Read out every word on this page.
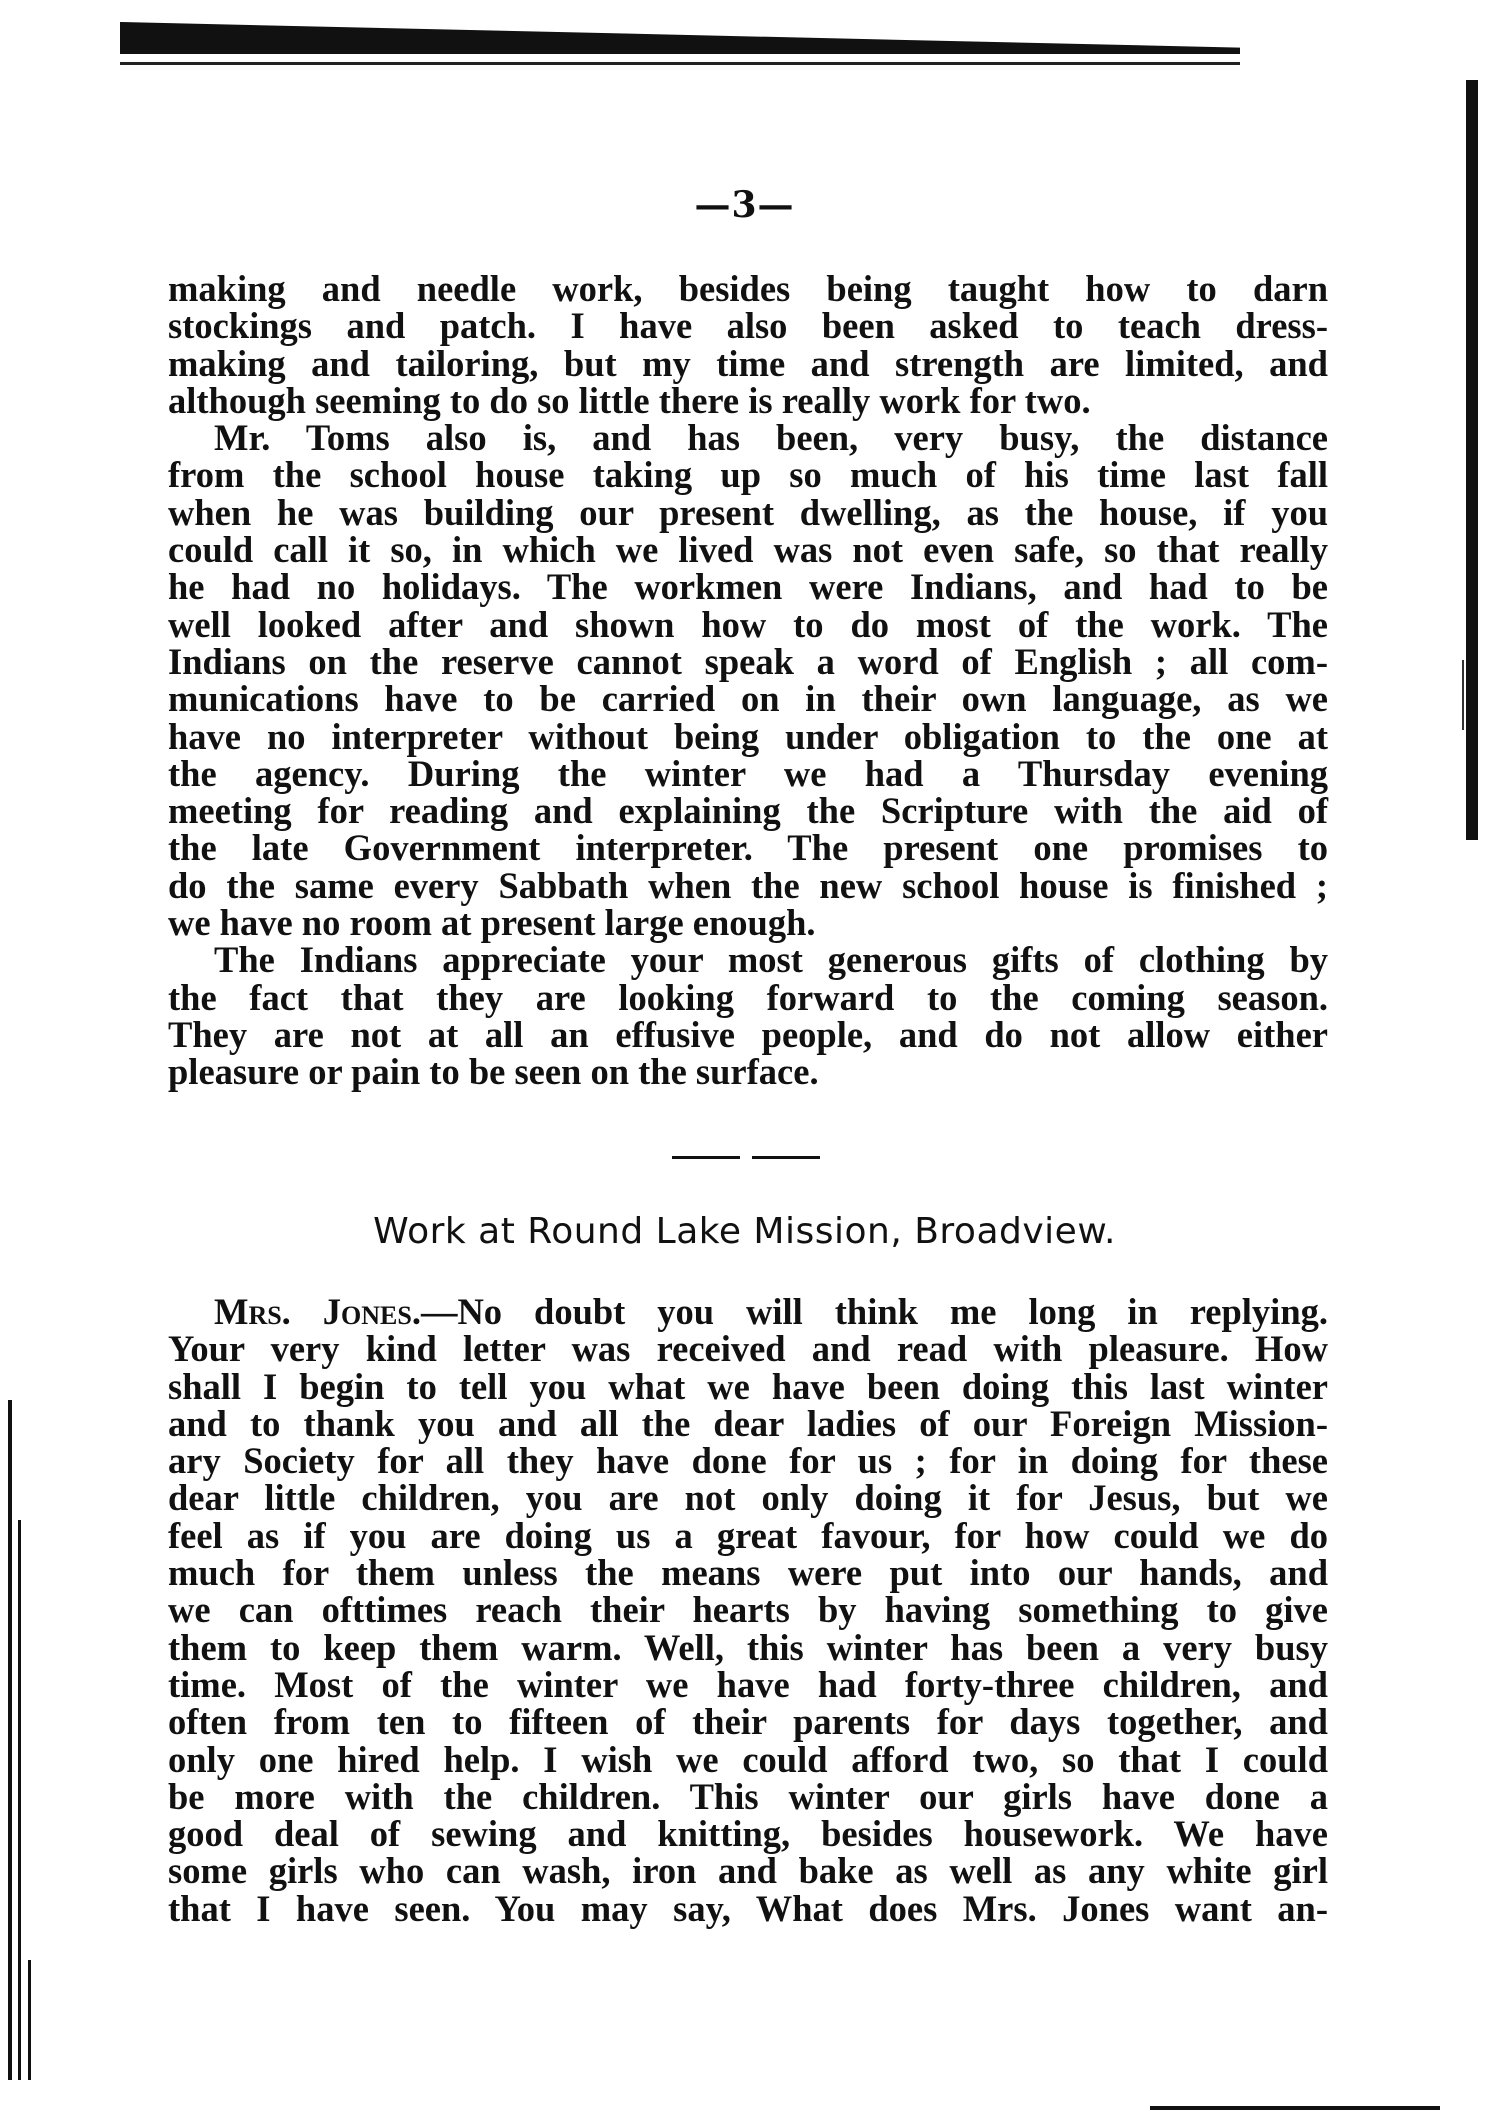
—3—

making and needle work, besides being taught how to darn

stockings and patch. I have also been asked to teach dress-

making and tailoring, but my time and strength are limited, and

although seeming to do so little there is really work for two.

Mr. Toms also is, and has been, very busy, the distance

from the school house taking up so much of his time last fall

when he was building our present dwelling, as the house, if you

could call it so, in which we lived was not even safe, so that really

he had no holidays. The workmen were Indians, and had to be

well looked after and shown how to do most of the work. The

Indians on the reserve cannot speak a word of English ; all com-

munications have to be carried on in their own language, as we

have no interpreter without being under obligation to the one at

the agency. During the winter we had a Thursday evening

meeting for reading and explaining the Scripture with the aid of

the late Government interpreter. The present one promises to

do the same every Sabbath when the new school house is finished ;

we have no room at present large enough.

The Indians appreciate your most generous gifts of clothing by

the fact that they are looking forward to the coming season.

They are not at all an effusive people, and do not allow either

pleasure or pain to be seen on the surface.

Work at Round Lake Mission, Broadview.

Mrs. Jones.—No doubt you will think me long in replying.

Your very kind letter was received and read with pleasure. How

shall I begin to tell you what we have been doing this last winter

and to thank you and all the dear ladies of our Foreign Mission-

ary Society for all they have done for us ; for in doing for these

dear little children, you are not only doing it for Jesus, but we

feel as if you are doing us a great favour, for how could we do

much for them unless the means were put into our hands, and

we can ofttimes reach their hearts by having something to give

them to keep them warm. Well, this winter has been a very busy

time. Most of the winter we have had forty-three children, and

often from ten to fifteen of their parents for days together, and

only one hired help. I wish we could afford two, so that I could

be more with the children. This winter our girls have done a

good deal of sewing and knitting, besides housework. We have

some girls who can wash, iron and bake as well as any white girl

that I have seen. You may say, What does Mrs. Jones want an-
